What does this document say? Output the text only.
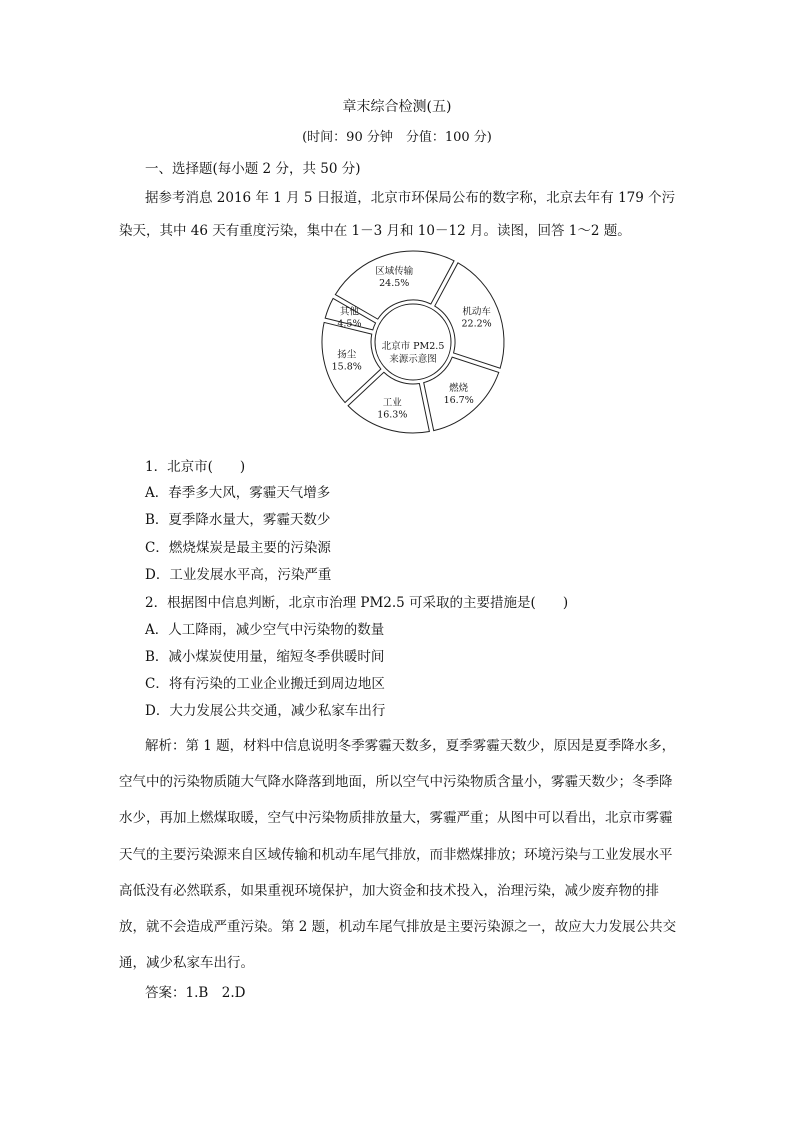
章末综合检测(五)
(时间：90 分钟　分值：100 分)
一、选择题(每小题 2 分，共 50 分)
据参考消息 2016 年 1 月 5 日报道，北京市环保局公布的数字称，北京去年有 179 个污染天，其中 46 天有重度污染，集中在 1－3 月和 10－12 月。读图，回答 1～2 题。
区域传输
24.5%
机动车
22.2%
燃烧
16.7%
工业
16.3%
扬尘
15.8%
其他
4.5%
北京市 PM2.5
来源示意图
1．北京市(　　)
A．春季多大风，雾霾天气增多
B．夏季降水量大，雾霾天数少
C．燃烧煤炭是最主要的污染源
D．工业发展水平高，污染严重
2．根据图中信息判断，北京市治理 PM2.5 可采取的主要措施是(　　)
A．人工降雨，减少空气中污染物的数量
B．减小煤炭使用量，缩短冬季供暖时间
C．将有污染的工业企业搬迁到周边地区
D．大力发展公共交通，减少私家车出行
解析：第 1 题，材料中信息说明冬季雾霾天数多，夏季雾霾天数少，原因是夏季降水多，空气中的污染物质随大气降水降落到地面，所以空气中污染物质含量小，雾霾天数少；冬季降水少，再加上燃煤取暖，空气中污染物质排放量大，雾霾严重；从图中可以看出，北京市雾霾天气的主要污染源来自区域传输和机动车尾气排放，而非燃煤排放；环境污染与工业发展水平高低没有必然联系，如果重视环境保护，加大资金和技术投入，治理污染，减少废弃物的排放，就不会造成严重污染。第 2 题，机动车尾气排放是主要污染源之一，故应大力发展公共交通，减少私家车出行。
答案：1.B　2.D
